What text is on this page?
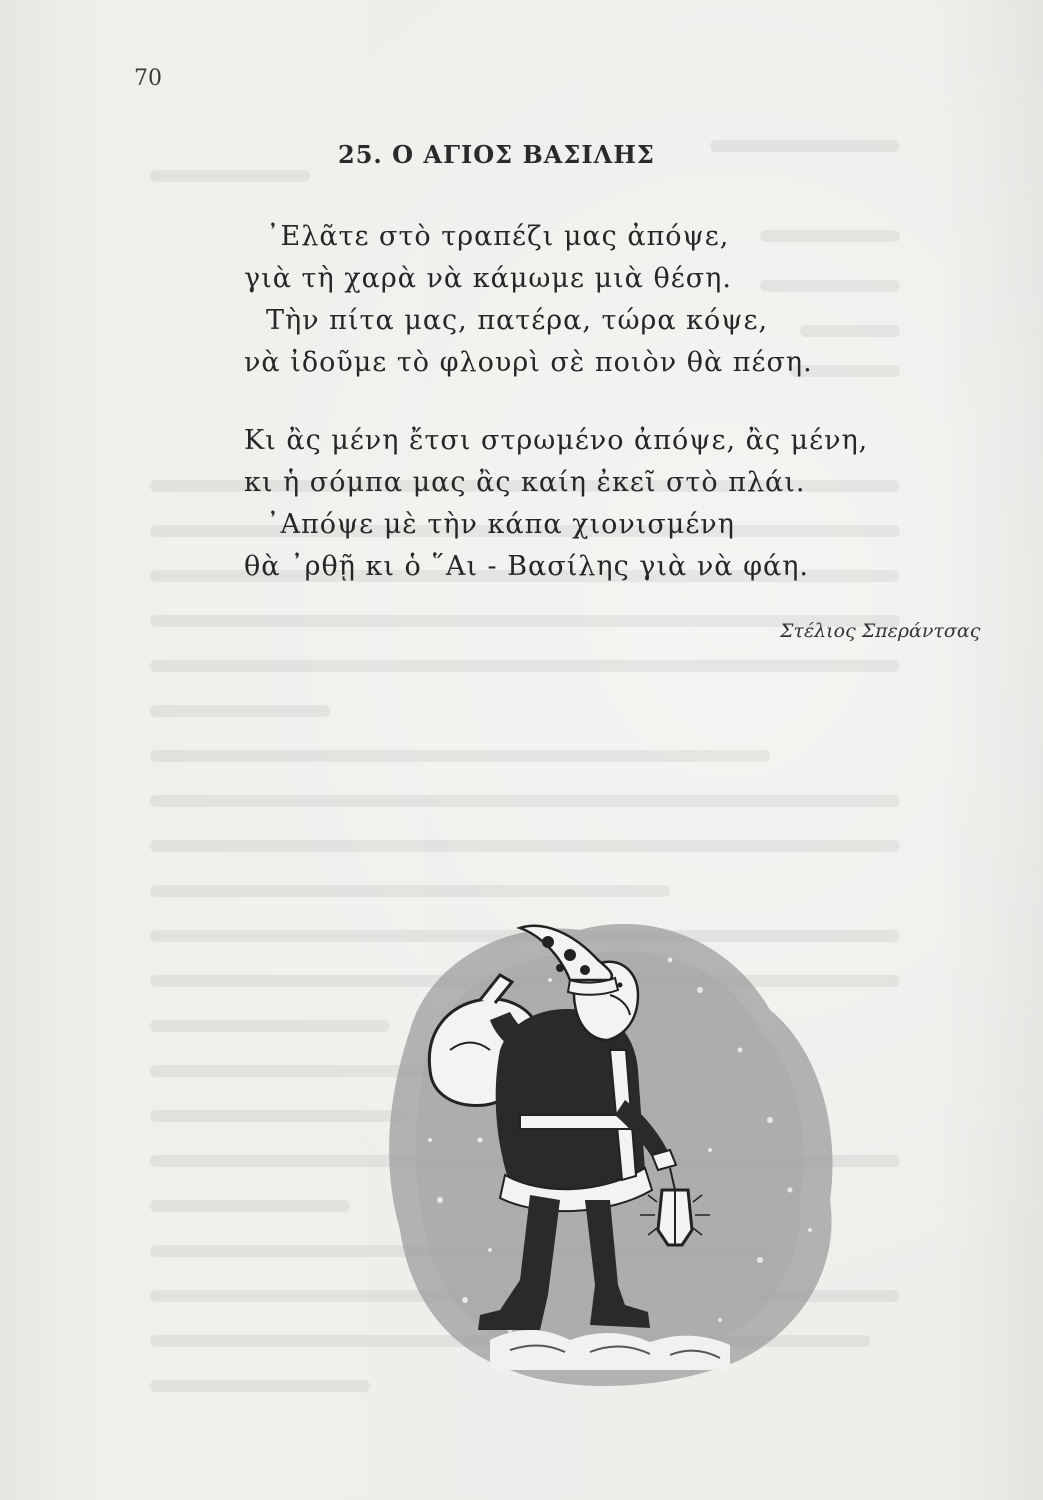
70
25. Ο ΑΓΙΟΣ ΒΑΣΙΛΗΣ
᾿Ελᾶτε στὸ τραπέζι μας ἀπόψε,
γιὰ τὴ χαρὰ νὰ κάμωμε μιὰ θέση.
Τὴν πίτα μας, πατέρα, τώρα κόψε,
νὰ ἰδοῦμε τὸ φλουρὶ σὲ ποιὸν θὰ πέση.
Κι ἂς μένη ἔτσι στρωμένο ἀπόψε, ἂς μένη,
κι ἡ σόμπα μας ἂς καίη ἐκεῖ στὸ πλάι.
᾿Απόψε μὲ τὴν κάπα χιονισμένη
θὰ ᾿ρθῇ κι ὁ ῞Αι - Βασίλης γιὰ νὰ φάη.
Στέλιος Σπεράντσας
